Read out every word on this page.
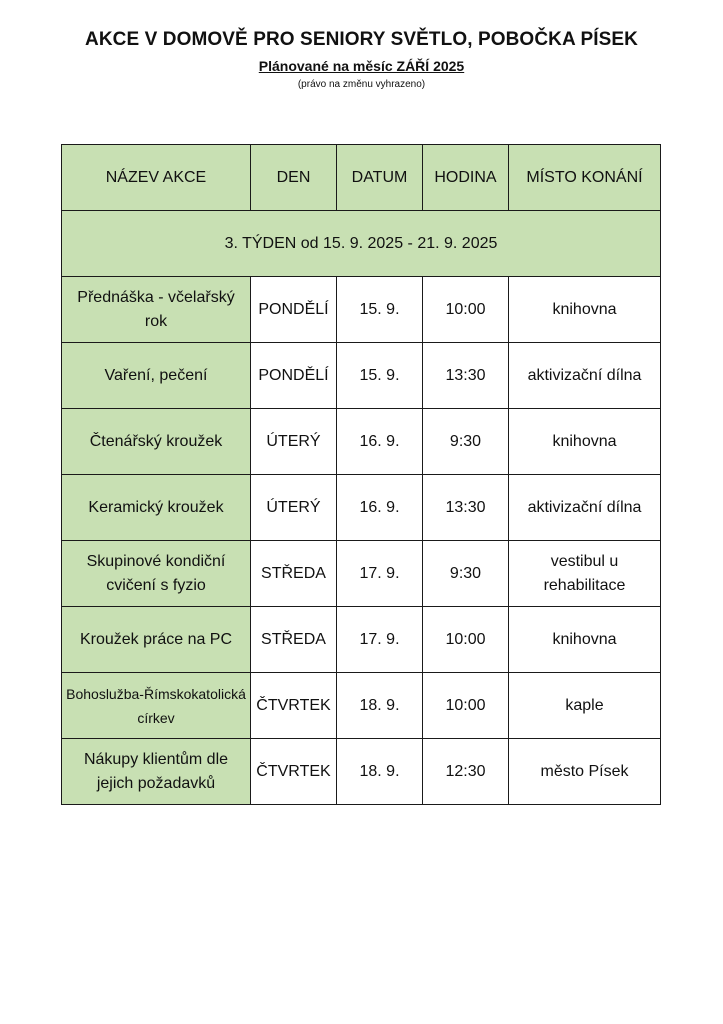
AKCE V DOMOVĚ PRO SENIORY SVĚTLO, POBOČKA PÍSEK
Plánované na měsíc ZÁŘÍ 2025
(právo na změnu vyhrazeno)
NÁZEV AKCE	DEN	DATUM	HODINA	MÍSTO KONÁNÍ
3. TÝDEN od 15. 9. 2025 - 21. 9. 2025				
Přednáška - včelařský rok	PONDĚLÍ	15. 9.	10:00	knihovna
Vaření, pečení	PONDĚLÍ	15. 9.	13:30	aktivizační dílna
Čtenářský kroužek	ÚTERÝ	16. 9.	9:30	knihovna
Keramický kroužek	ÚTERÝ	16. 9.	13:30	aktivizační dílna
Skupinové kondiční cvičení s fyzio	STŘEDA	17. 9.	9:30	vestibul u rehabilitace
Kroužek práce na PC	STŘEDA	17. 9.	10:00	knihovna
Bohoslužba-Římskokatolická církev	ČTVRTEK	18. 9.	10:00	kaple
Nákupy klientům dle jejich požadavků	ČTVRTEK	18. 9.	12:30	město Písek
